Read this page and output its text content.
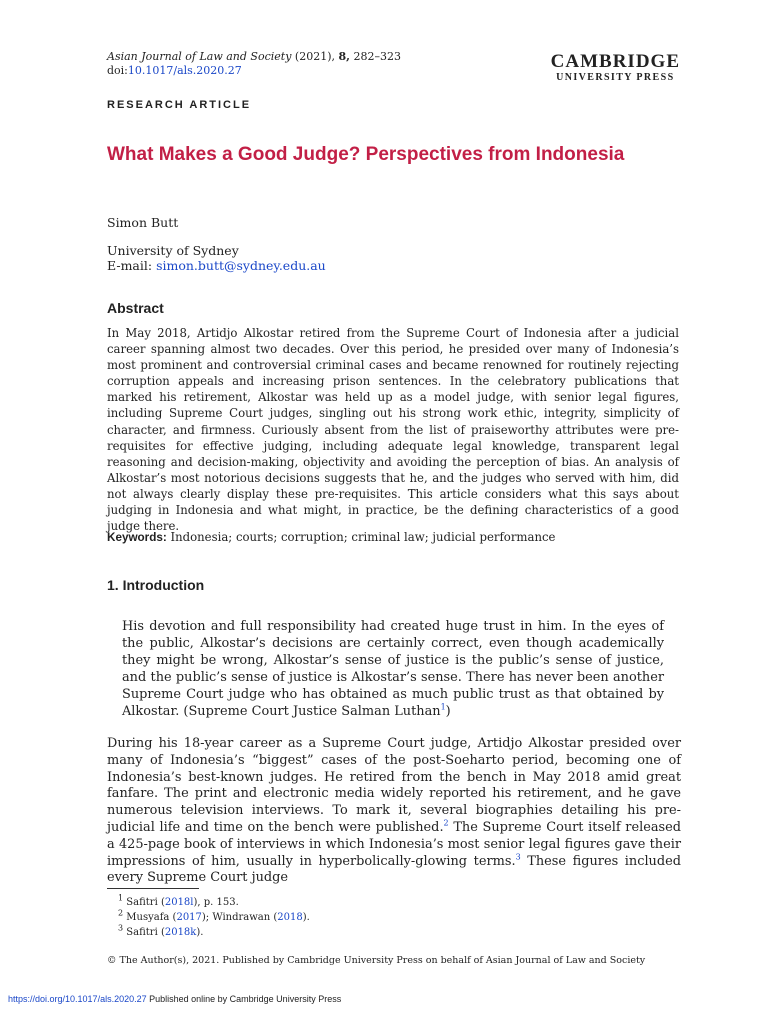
Asian Journal of Law and Society (2021), 8, 282–323
doi:10.1017/als.2020.27	CAMBRIDGE
UNIVERSITY PRESS
RESEARCH ARTICLE
What Makes a Good Judge? Perspectives from Indonesia
Simon Butt
University of Sydney
E-mail: simon.butt@sydney.edu.au
Abstract
In May 2018, Artidjo Alkostar retired from the Supreme Court of Indonesia after a judicial career spanning almost two decades. Over this period, he presided over many of Indonesia’s most prominent and controversial criminal cases and became renowned for routinely rejecting corruption appeals and increasing prison sentences. In the celebratory publications that marked his retirement, Alkostar was held up as a model judge, with senior legal figures, including Supreme Court judges, singling out his strong work ethic, integrity, simplicity of character, and firmness. Curiously absent from the list of praiseworthy attributes were pre-requisites for effective judging, including adequate legal knowledge, transparent legal reasoning and decision-making, objectivity and avoiding the perception of bias. An analysis of Alkostar’s most notorious decisions suggests that he, and the judges who served with him, did not always clearly display these pre-requisites. This article considers what this says about judging in Indonesia and what might, in practice, be the defining characteristics of a good judge there.
Keywords: Indonesia; courts; corruption; criminal law; judicial performance
1. Introduction
His devotion and full responsibility had created huge trust in him. In the eyes of the public, Alkostar’s decisions are certainly correct, even though academically they might be wrong, Alkostar’s sense of justice is the public’s sense of justice, and the public’s sense of justice is Alkostar’s sense. There has never been another Supreme Court judge who has obtained as much public trust as that obtained by Alkostar. (Supreme Court Justice Salman Luthan$^1$)
During his 18-year career as a Supreme Court judge, Artidjo Alkostar presided over many of Indonesia’s “biggest” cases of the post-Soeharto period, becoming one of Indonesia’s best-known judges. He retired from the bench in May 2018 amid great fanfare. The print and electronic media widely reported his retirement, and he gave numerous television interviews. To mark it, several biographies detailing his pre-judicial life and time on the bench were published.$^2$ The Supreme Court itself released a 425-page book of interviews in which Indonesia’s most senior legal figures gave their impressions of him, usually in hyperbolically-glowing terms.$^3$ These figures included every Supreme Court judge
$^1$ Safitri (2018l), p. 153.
$^2$ Musyafa (2017); Windrawan (2018).
$^3$ Safitri (2018k).
© The Author(s), 2021. Published by Cambridge University Press on behalf of Asian Journal of Law and Society
https://doi.org/10.1017/als.2020.27 Published online by Cambridge University Press
